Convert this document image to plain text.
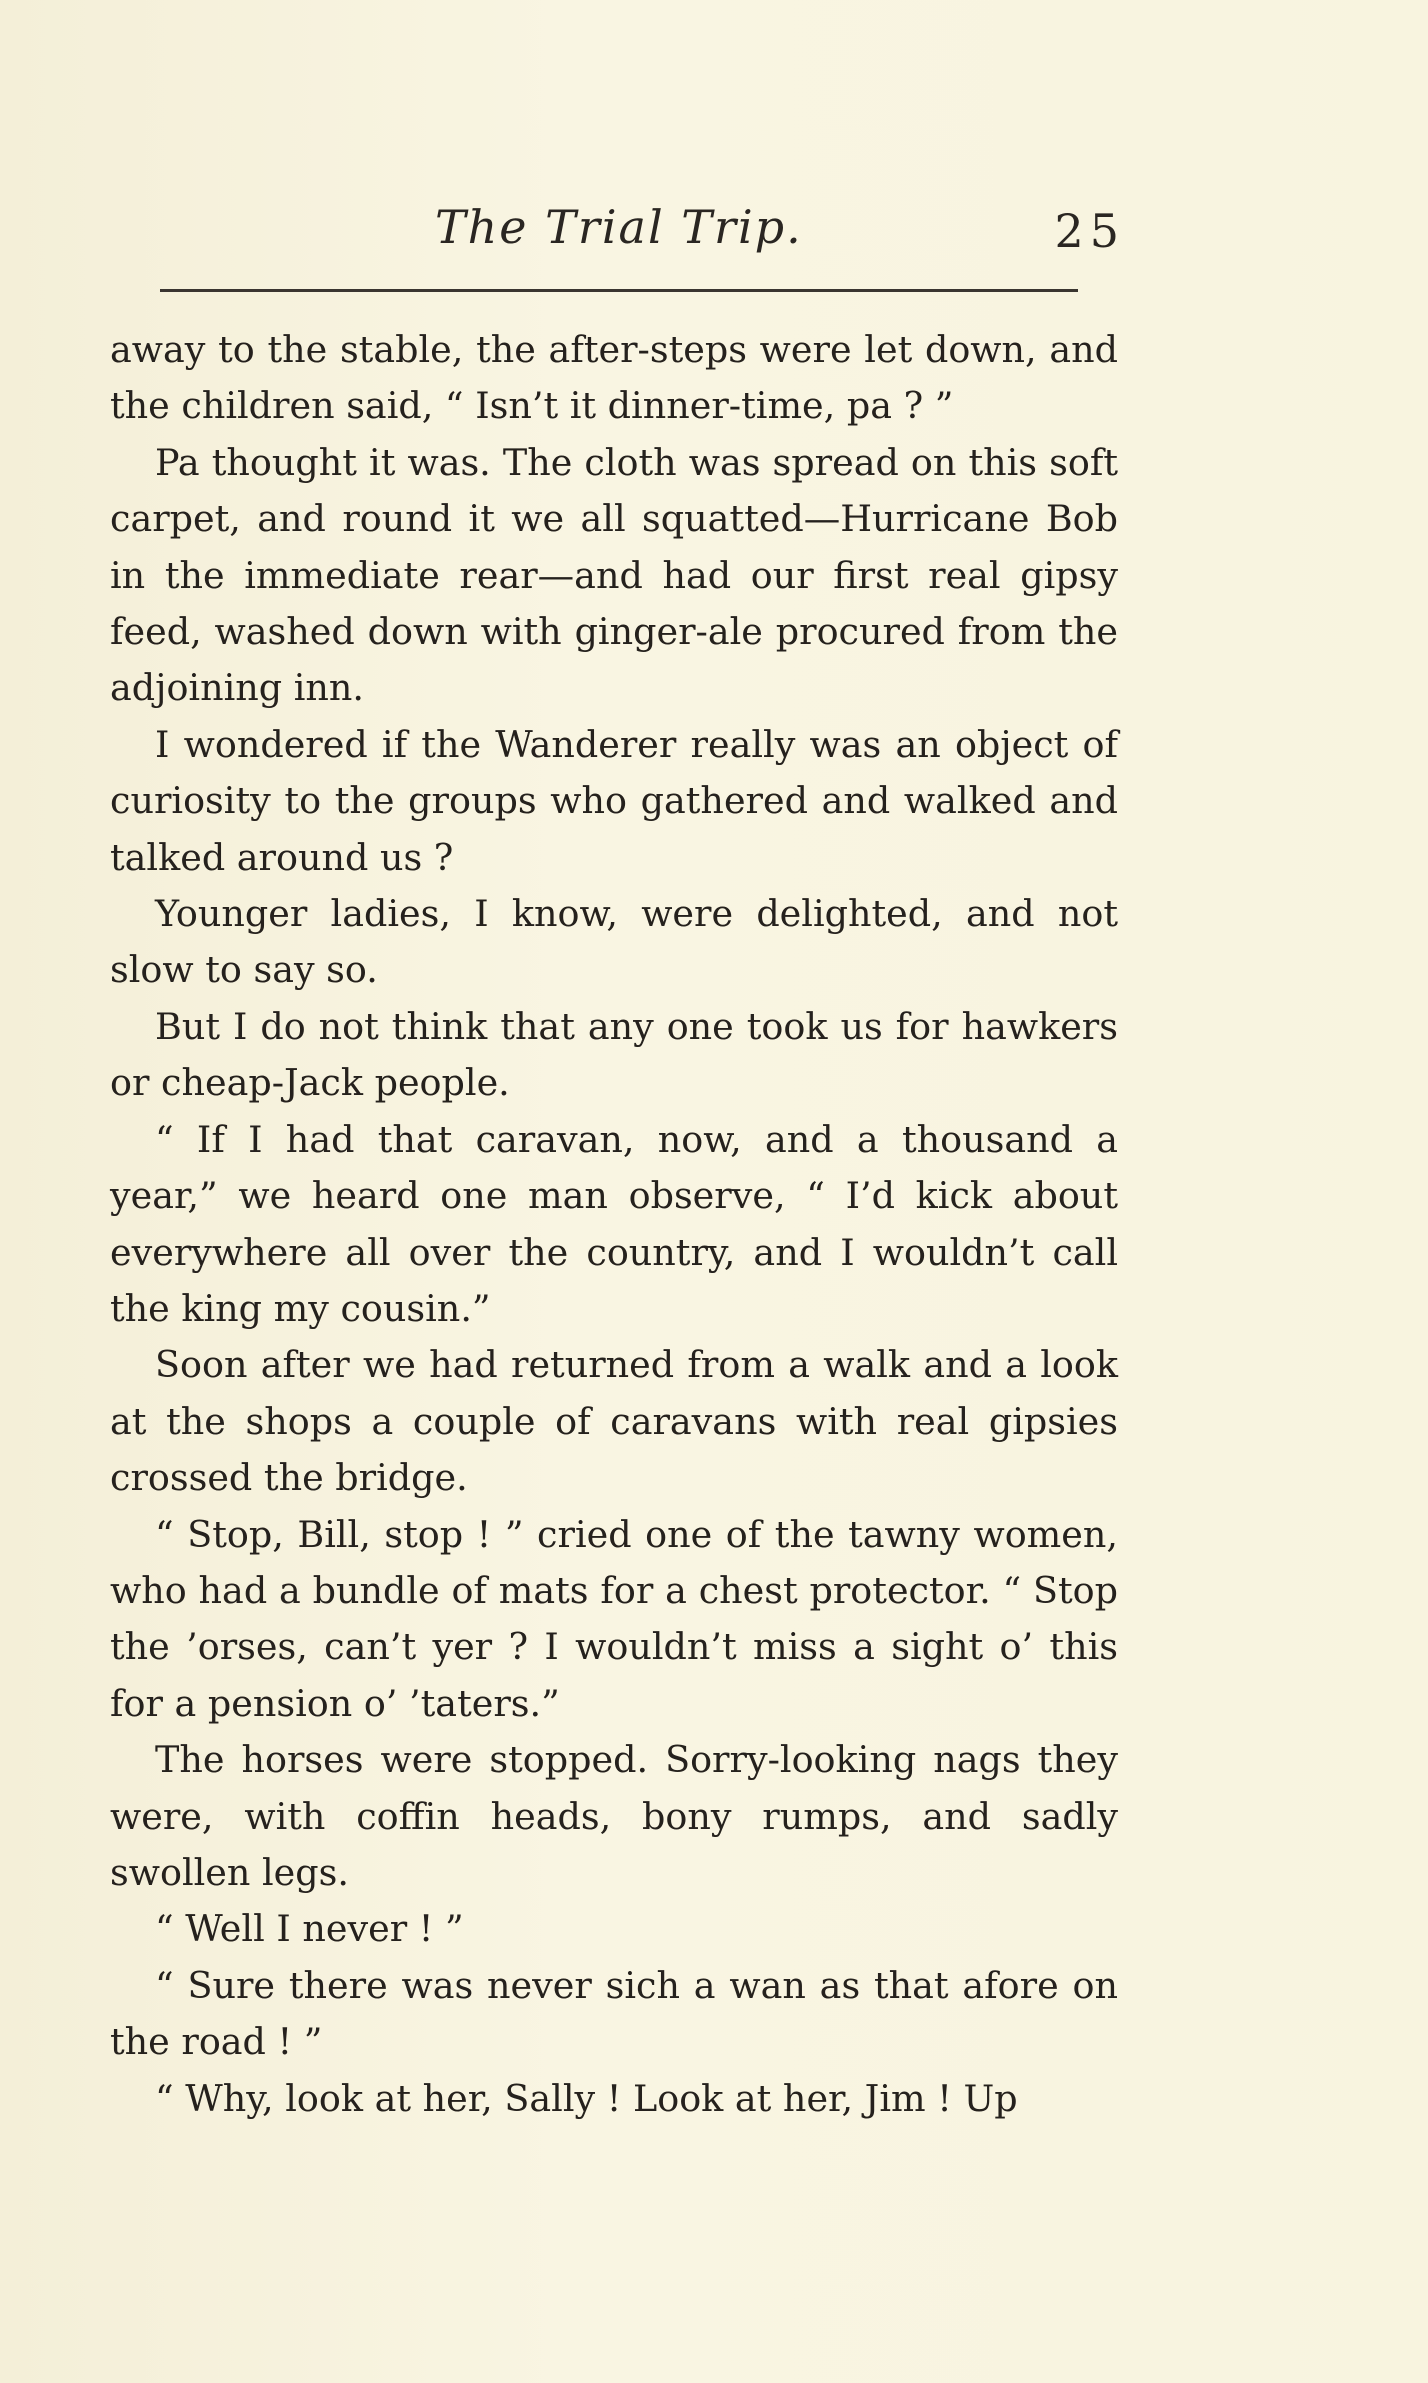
The Trial Trip.	25

away to the stable, the after-steps were let down, and the children said, “ Isn’t it dinner-time, pa ? ”

Pa thought it was. The cloth was spread on this soft carpet, and round it we all squatted—Hurricane Bob in the immediate rear—and had our first real gipsy feed, washed down with ginger-ale procured from the adjoining inn.

I wondered if the Wanderer really was an object of curiosity to the groups who gathered and walked and talked around us ?

Younger ladies, I know, were delighted, and not slow to say so.

But I do not think that any one took us for hawkers or cheap-Jack people.

“ If I had that caravan, now, and a thousand a year,” we heard one man observe, “ I’d kick about everywhere all over the country, and I wouldn’t call the king my cousin.”

Soon after we had returned from a walk and a look at the shops a couple of caravans with real gipsies crossed the bridge.

“ Stop, Bill, stop ! ” cried one of the tawny women, who had a bundle of mats for a chest protector. “ Stop the ’orses, can’t yer ? I wouldn’t miss a sight o’ this for a pension o’ ’taters.”

The horses were stopped. Sorry-looking nags they were, with coffin heads, bony rumps, and sadly swollen legs.

“ Well I never ! ”

“ Sure there was never sich a wan as that afore on the road ! ”

“ Why, look at her, Sally ! Look at her, Jim ! Up
